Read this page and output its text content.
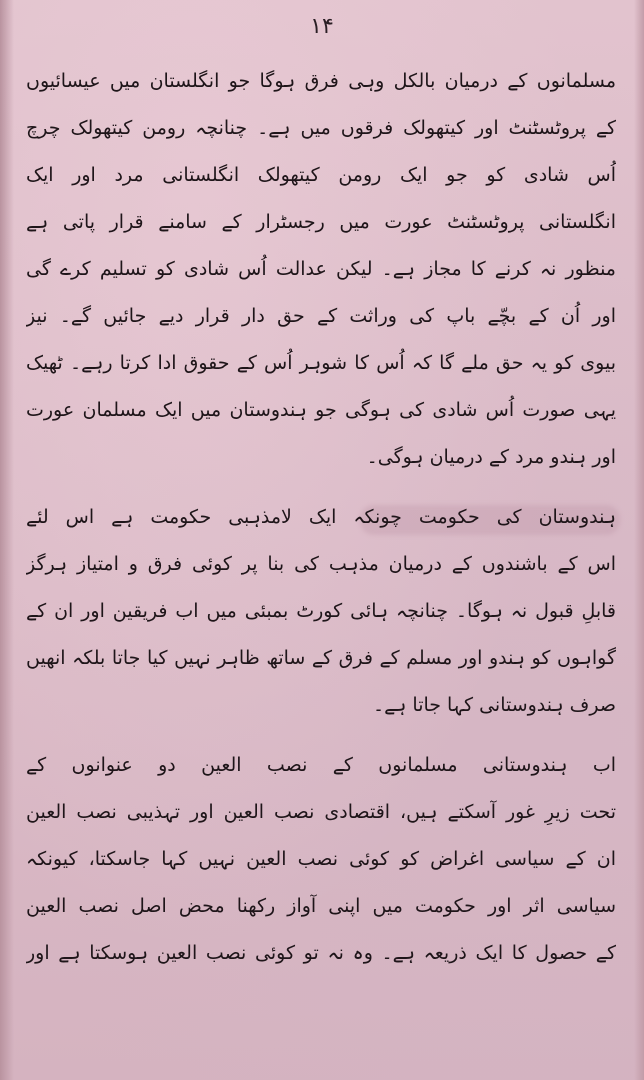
۱۴
مسلمانوں کے درمیان بالکل وہی فرق ہوگا جو انگلستان میں عیسائیوں
کے پروٹسٹنٹ اور کیتھولک فرقوں میں ہے۔ چنانچہ رومن کیتھولک چرچ
اُس شادی کو جو ایک رومن کیتھولک انگلستانی مرد اور ایک
انگلستانی پروٹسٹنٹ عورت میں رجسٹرار کے سامنے قرار پاتی ہے
منظور نہ کرنے کا مجاز ہے۔ لیکن عدالت اُس شادی کو تسلیم کرے گی
اور اُن کے بچّے باپ کی وراثت کے حق دار قرار دیے جائیں گے۔ نیز
بیوی کو یہ حق ملے گا کہ اُس کا شوہر اُس کے حقوق ادا کرتا رہے۔ ٹھیک
یہی صورت اُس شادی کی ہوگی جو ہندوستان میں ایک مسلمان عورت
اور ہندو مرد کے درمیان ہوگی۔
ہندوستان کی حکومت چونکہ ایک لامذہبی حکومت ہے اس لئے
اس کے باشندوں کے درمیان مذہب کی بنا پر کوئی فرق و امتیاز ہرگز
قابلِ قبول نہ ہوگا۔ چنانچہ ہائی کورٹ بمبئی میں اب فریقین اور ان کے
گواہوں کو ہندو اور مسلم کے فرق کے ساتھ ظاہر نہیں کیا جاتا بلکہ انھیں
صرف ہندوستانی کہا جاتا ہے۔
اب ہندوستانی مسلمانوں کے نصب العین دو عنوانوں کے
تحت زیرِ غور آسکتے ہیں، اقتصادی نصب العین اور تہذیبی نصب العین
ان کے سیاسی اغراض کو کوئی نصب العین نہیں کہا جاسکتا، کیونکہ
سیاسی اثر اور حکومت میں اپنی آواز رکھنا محض اصل نصب العین
کے حصول کا ایک ذریعہ ہے۔ وہ نہ تو کوئی نصب العین ہوسکتا ہے اور
